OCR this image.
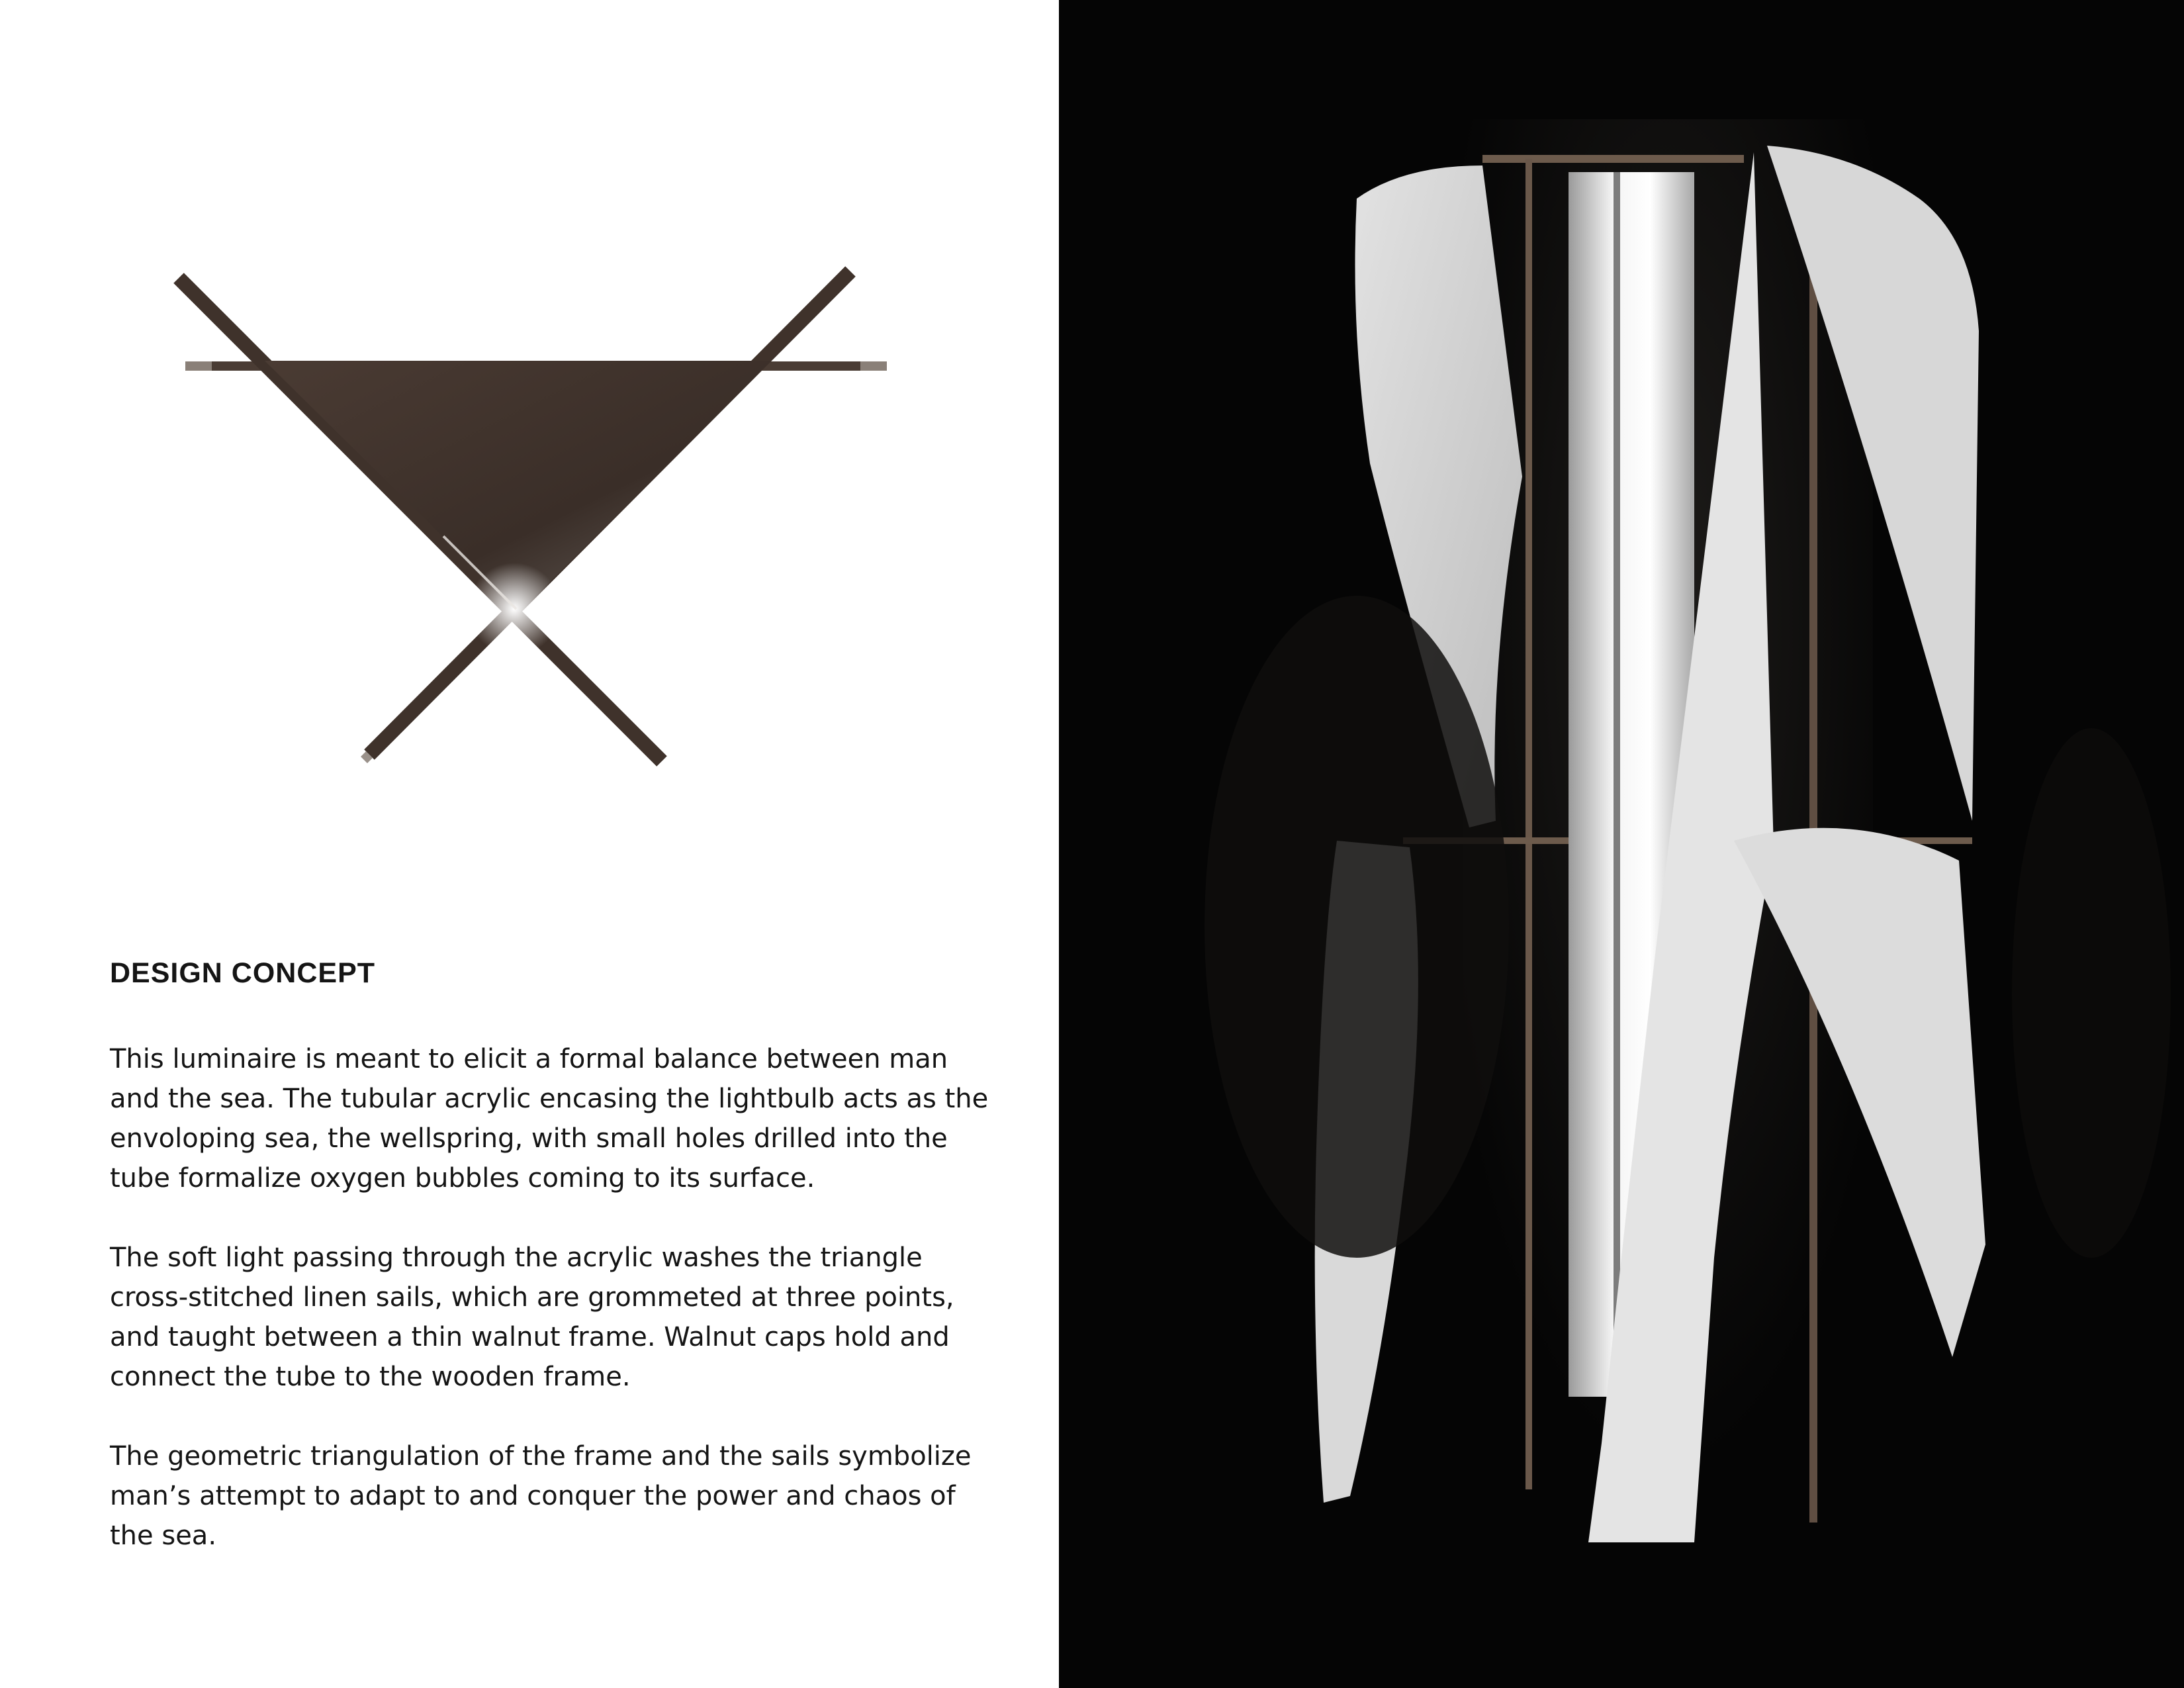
DESIGN CONCEPT

This luminaire is meant to elicit a formal balance between man and the sea. The tubular acrylic encasing the lightbulb acts as the envoloping sea, the wellspring, with small holes drilled into the tube formalize oxygen bubbles coming to its surface.

The soft light passing through the acrylic washes the triangle cross-stitched linen sails, which are grommeted at three points, and taught between a thin walnut frame. Walnut caps hold and connect the tube to the wooden frame.

The geometric triangulation of the frame and the sails symbolize man’s attempt to adapt to and conquer the power and chaos of the sea.
